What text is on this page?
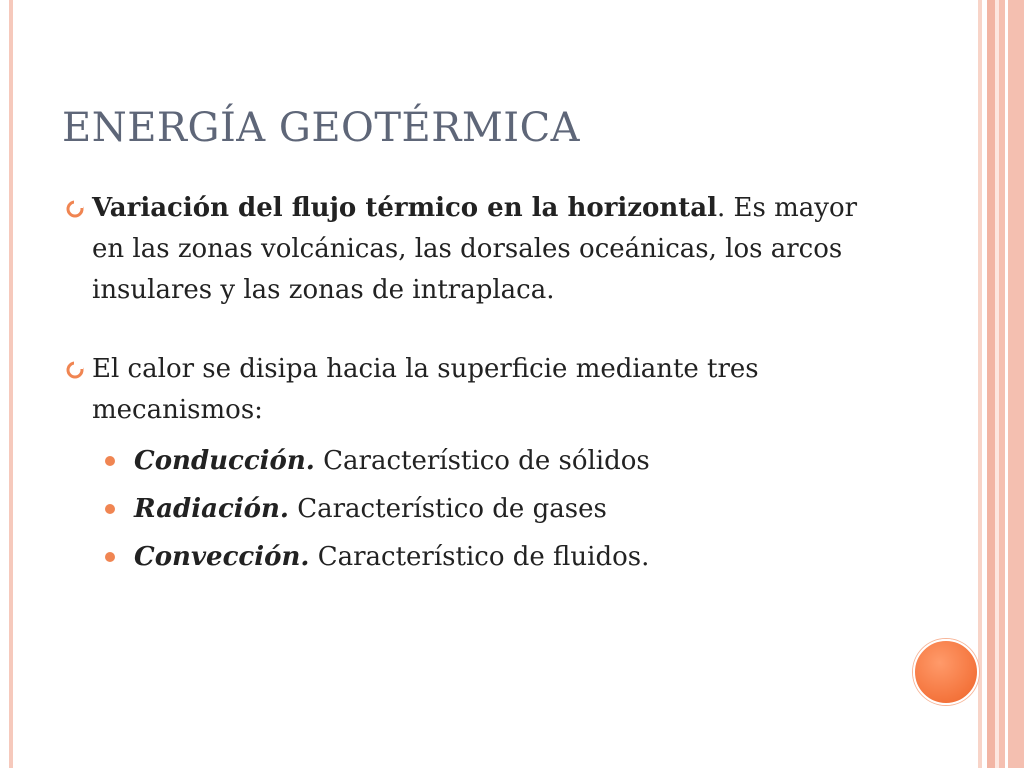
ENERGÍA GEOTÉRMICA
Variación del flujo térmico en la horizontal. Es mayor en las zonas volcánicas, las dorsales oceánicas, los arcos insulares y las zonas de intraplaca.
El calor se disipa hacia la superficie mediante tres mecanismos:
Conducción. Característico de sólidos
Radiación. Característico de gases
Convección. Característico de fluidos.
